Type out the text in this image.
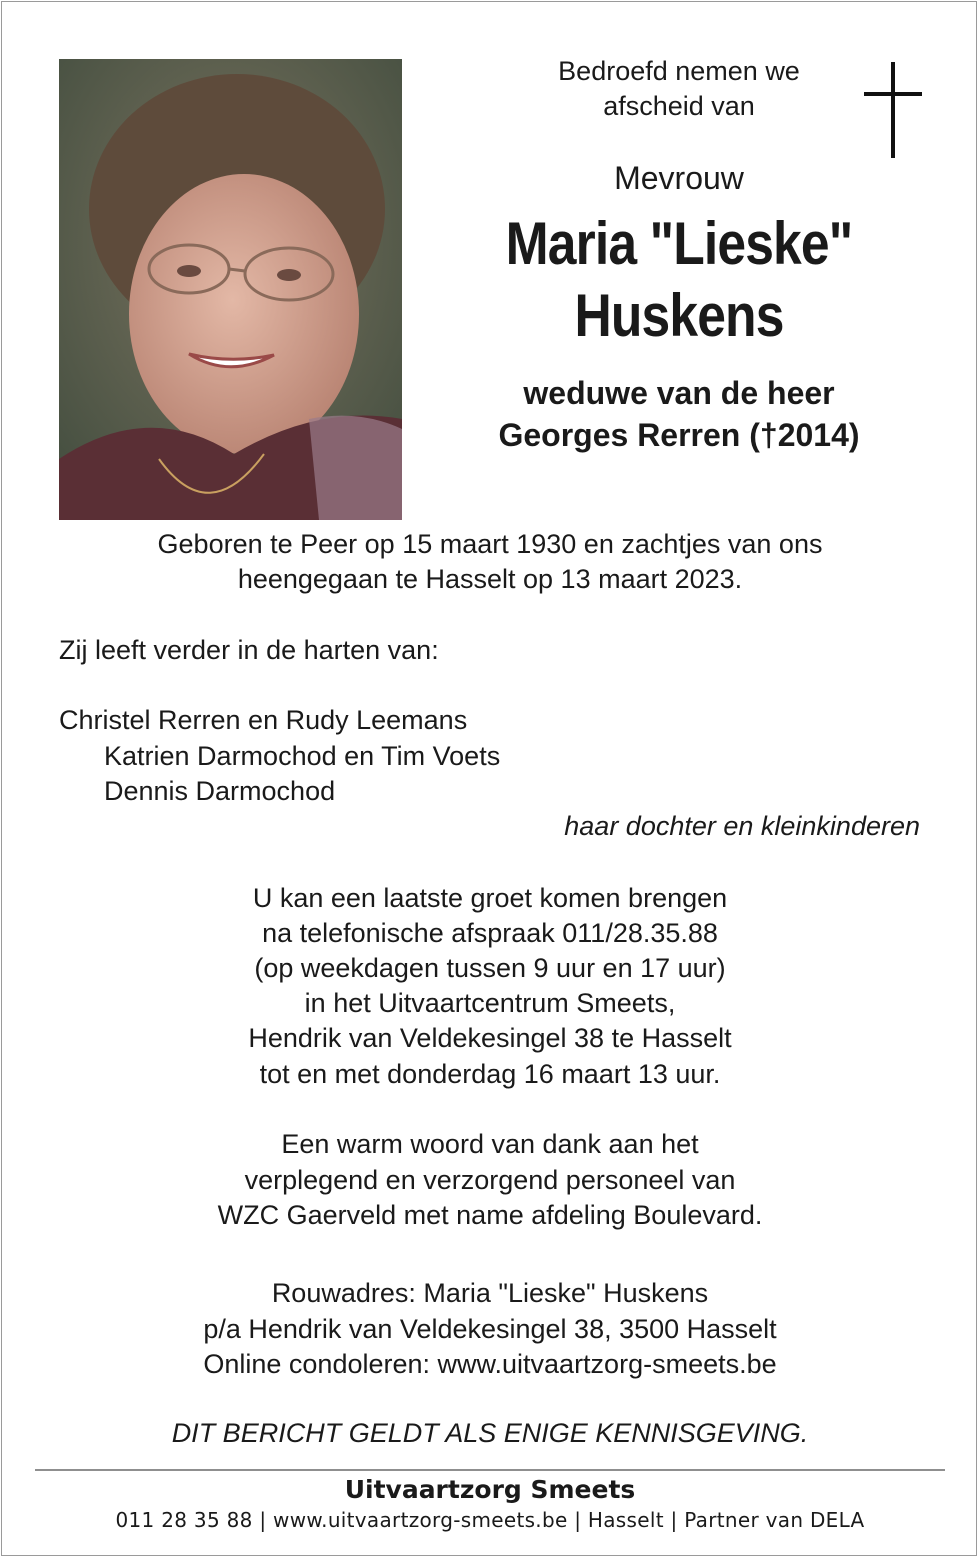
Bedroefd nemen we
afscheid van
Mevrouw
Maria "Lieske"
Huskens
weduwe van de heer
Georges Rerren (†2014)
Geboren te Peer op 15 maart 1930 en zachtjes van ons
heengegaan te Hasselt op 13 maart 2023.
Zij leeft verder in de harten van:
Christel Rerren en Rudy Leemans
Katrien Darmochod en Tim Voets
Dennis Darmochod
haar dochter en kleinkinderen
U kan een laatste groet komen brengen
na telefonische afspraak 011/28.35.88
(op weekdagen tussen 9 uur en 17 uur)
in het Uitvaartcentrum Smeets,
Hendrik van Veldekesingel 38 te Hasselt
tot en met donderdag 16 maart 13 uur.
Een warm woord van dank aan het
verplegend en verzorgend personeel van
WZC Gaerveld met name afdeling Boulevard.
Rouwadres: Maria "Lieske" Huskens
p/a Hendrik van Veldekesingel 38, 3500 Hasselt
Online condoleren: www.uitvaartzorg-smeets.be
DIT BERICHT GELDT ALS ENIGE KENNISGEVING.
Uitvaartzorg Smeets
011 28 35 88 | www.uitvaartzorg-smeets.be | Hasselt | Partner van DELA
